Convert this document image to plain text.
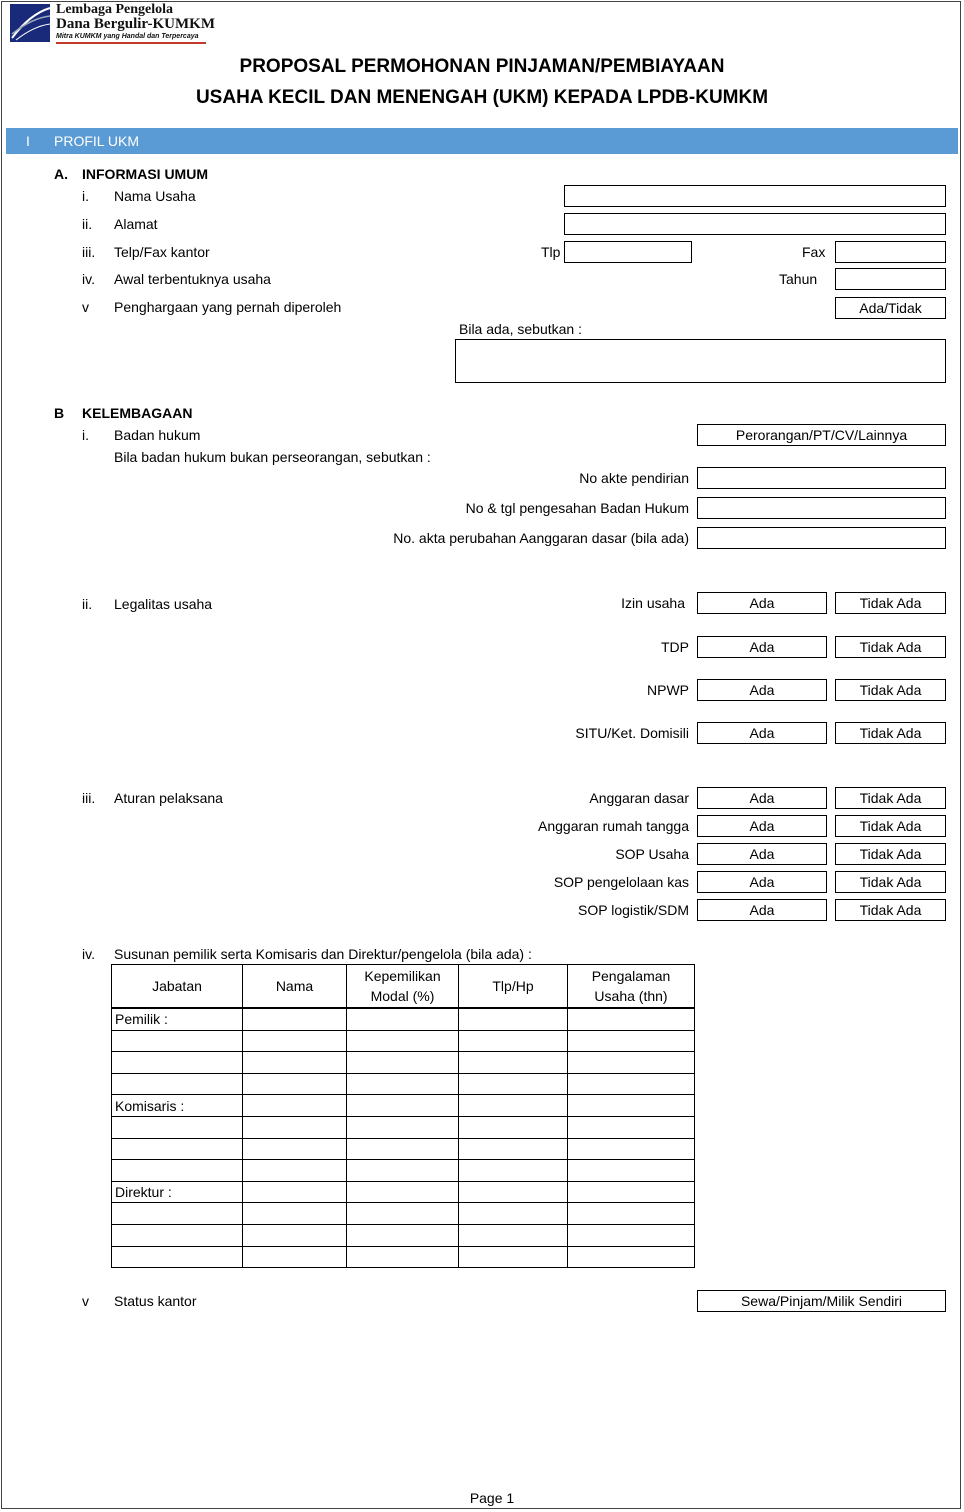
Lembaga Pengelola
Dana Bergulir-KUMKM
Mitra KUMKM yang Handal dan Terpercaya
PROPOSAL PERMOHONAN PINJAMAN/PEMBIAYAAN
USAHA KECIL DAN MENENGAH (UKM) KEPADA LPDB-KUMKM
I PROFIL UKM
A. INFORMASI UMUM
i. Nama Usaha
ii. Alamat
iii. Telp/Fax kantor	Tlp	Fax
iv. Awal terbentuknya usaha	Tahun
v Penghargaan yang pernah diperoleh	Ada/Tidak
Bila ada, sebutkan :
B KELEMBAGAAN
i. Badan hukum	Perorangan/PT/CV/Lainnya
Bila badan hukum bukan perseorangan, sebutkan :
No akte pendirian
No & tgl pengesahan Badan Hukum
No. akta perubahan Aanggaran dasar (bila ada)
ii. Legalitas usaha	Izin usaha	Ada	Tidak Ada
TDP	Ada	Tidak Ada
NPWP	Ada	Tidak Ada
SITU/Ket. Domisili	Ada	Tidak Ada
iii. Aturan pelaksana	Anggaran dasar	Ada	Tidak Ada
Anggaran rumah tangga	Ada	Tidak Ada
SOP Usaha	Ada	Tidak Ada
SOP pengelolaan kas	Ada	Tidak Ada
SOP logistik/SDM	Ada	Tidak Ada
iv. Susunan pemilik serta Komisaris dan Direktur/pengelola (bila ada) :
Jabatan	Nama	Kepemilikan Modal (%)	Tlp/Hp	Pengalaman Usaha (thn)
Pemilik :				

Komisaris :				

Direktur :				

v Status kantor	Sewa/Pinjam/Milik Sendiri
Page 1
